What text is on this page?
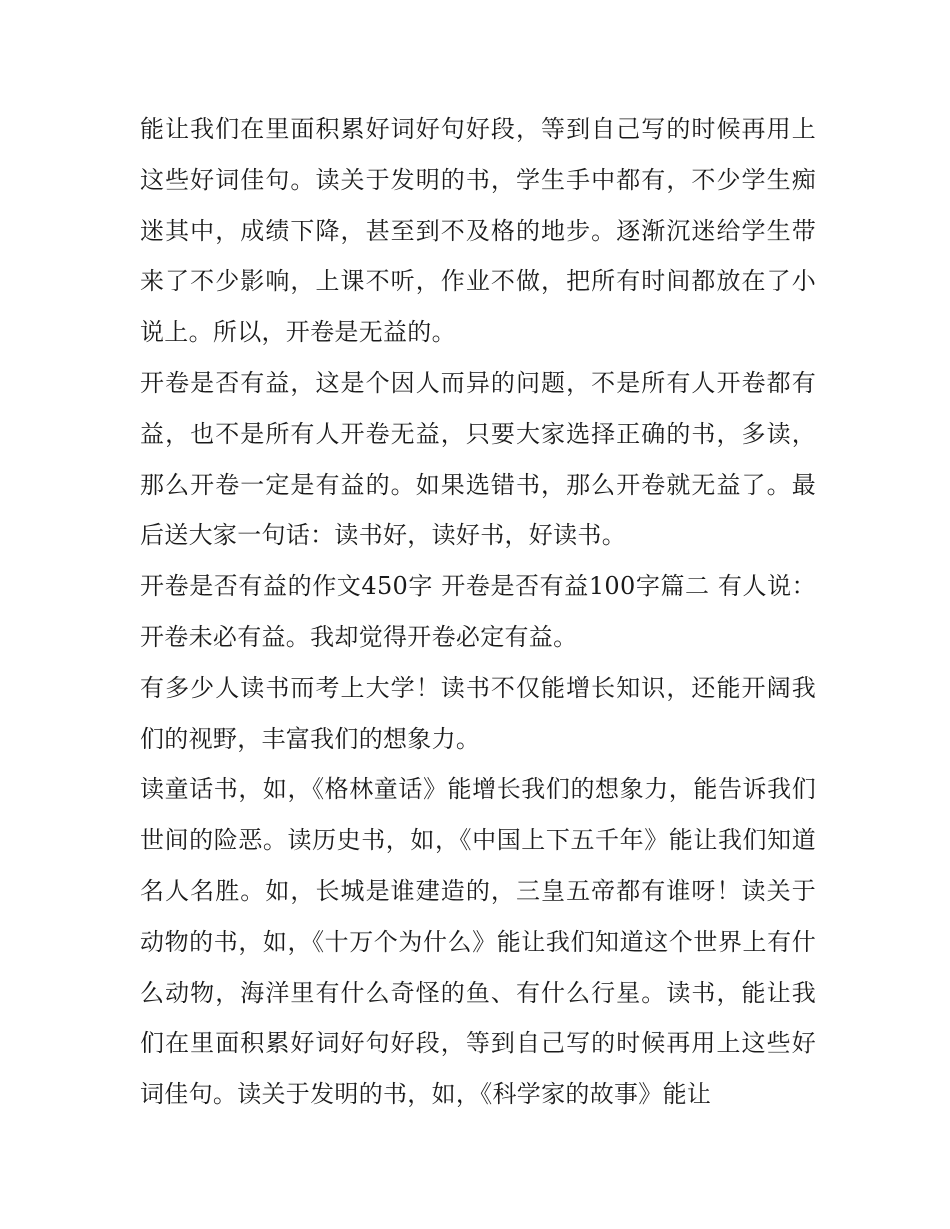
能让我们在里面积累好词好句好段，等到自己写的时候再用上这些好词佳句。读关于发明的书，学生手中都有，不少学生痴迷其中，成绩下降，甚至到不及格的地步。逐渐沉迷给学生带来了不少影响，上课不听，作业不做，把所有时间都放在了小说上。所以，开卷是无益的。

开卷是否有益，这是个因人而异的问题，不是所有人开卷都有益，也不是所有人开卷无益，只要大家选择正确的书，多读，那么开卷一定是有益的。如果选错书，那么开卷就无益了。最后送大家一句话：读书好，读好书，好读书。

开卷是否有益的作文450字 开卷是否有益100字篇二 有人说：开卷未必有益。我却觉得开卷必定有益。

有多少人读书而考上大学！读书不仅能增长知识，还能开阔我们的视野，丰富我们的想象力。

读童话书，如，《格林童话》能增长我们的想象力，能告诉我们世间的险恶。读历史书，如，《中国上下五千年》能让我们知道名人名胜。如，长城是谁建造的，三皇五帝都有谁呀！读关于动物的书，如，《十万个为什么》能让我们知道这个世界上有什么动物，海洋里有什么奇怪的鱼、有什么行星。读书，能让我们在里面积累好词好句好段，等到自己写的时候再用上这些好词佳句。读关于发明的书，如，《科学家的故事》能让
